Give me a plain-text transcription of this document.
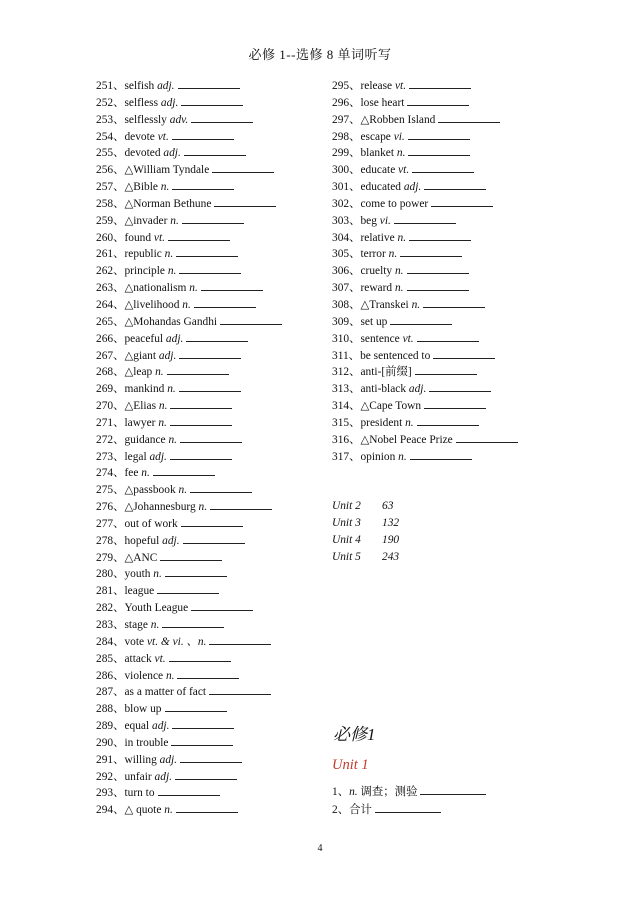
必修 1--选修 8 单词听写
251、selfish adj.
252、selfless adj.
253、selflessly adv.
254、devote vt.
255、devoted adj.
256、△William Tyndale
257、△Bible n.
258、△Norman Bethune
259、△invader n.
260、found vt.
261、republic n.
262、principle n.
263、△nationalism n.
264、△livelihood n.
265、△Mohandas Gandhi
266、peaceful adj.
267、△giant adj.
268、△leap n.
269、mankind n.
270、△Elias n.
271、lawyer n.
272、guidance n.
273、legal adj.
274、fee n.
275、△passbook n.
276、△Johannesburg n.
277、out of work
278、hopeful adj.
279、△ANC
280、youth n.
281、league
282、Youth League
283、stage n.
284、vote vt. & vi. 、n.
285、attack vt.
286、violence n.
287、as a matter of fact
288、blow up
289、equal adj.
290、in trouble
291、willing adj.
292、unfair adj.
293、turn to
294、△ quote n.
295、release vt.
296、lose heart
297、△Robben Island
298、escape vi.
299、blanket n.
300、educate vt.
301、educated adj.
302、come to power
303、beg vi.
304、relative n.
305、terror n.
306、cruelty n.
307、reward n.
308、△Transkei n.
309、set up
310、sentence vt.
311、be sentenced to
312、anti-[前缀]
313、anti-black adj.
314、△Cape Town
315、president n.
316、△Nobel Peace Prize
317、opinion n.
Unit 2 63
Unit 3 132
Unit 4 190
Unit 5 243
必修1
Unit 1
1、n. 调查；测验
2、合计
4
